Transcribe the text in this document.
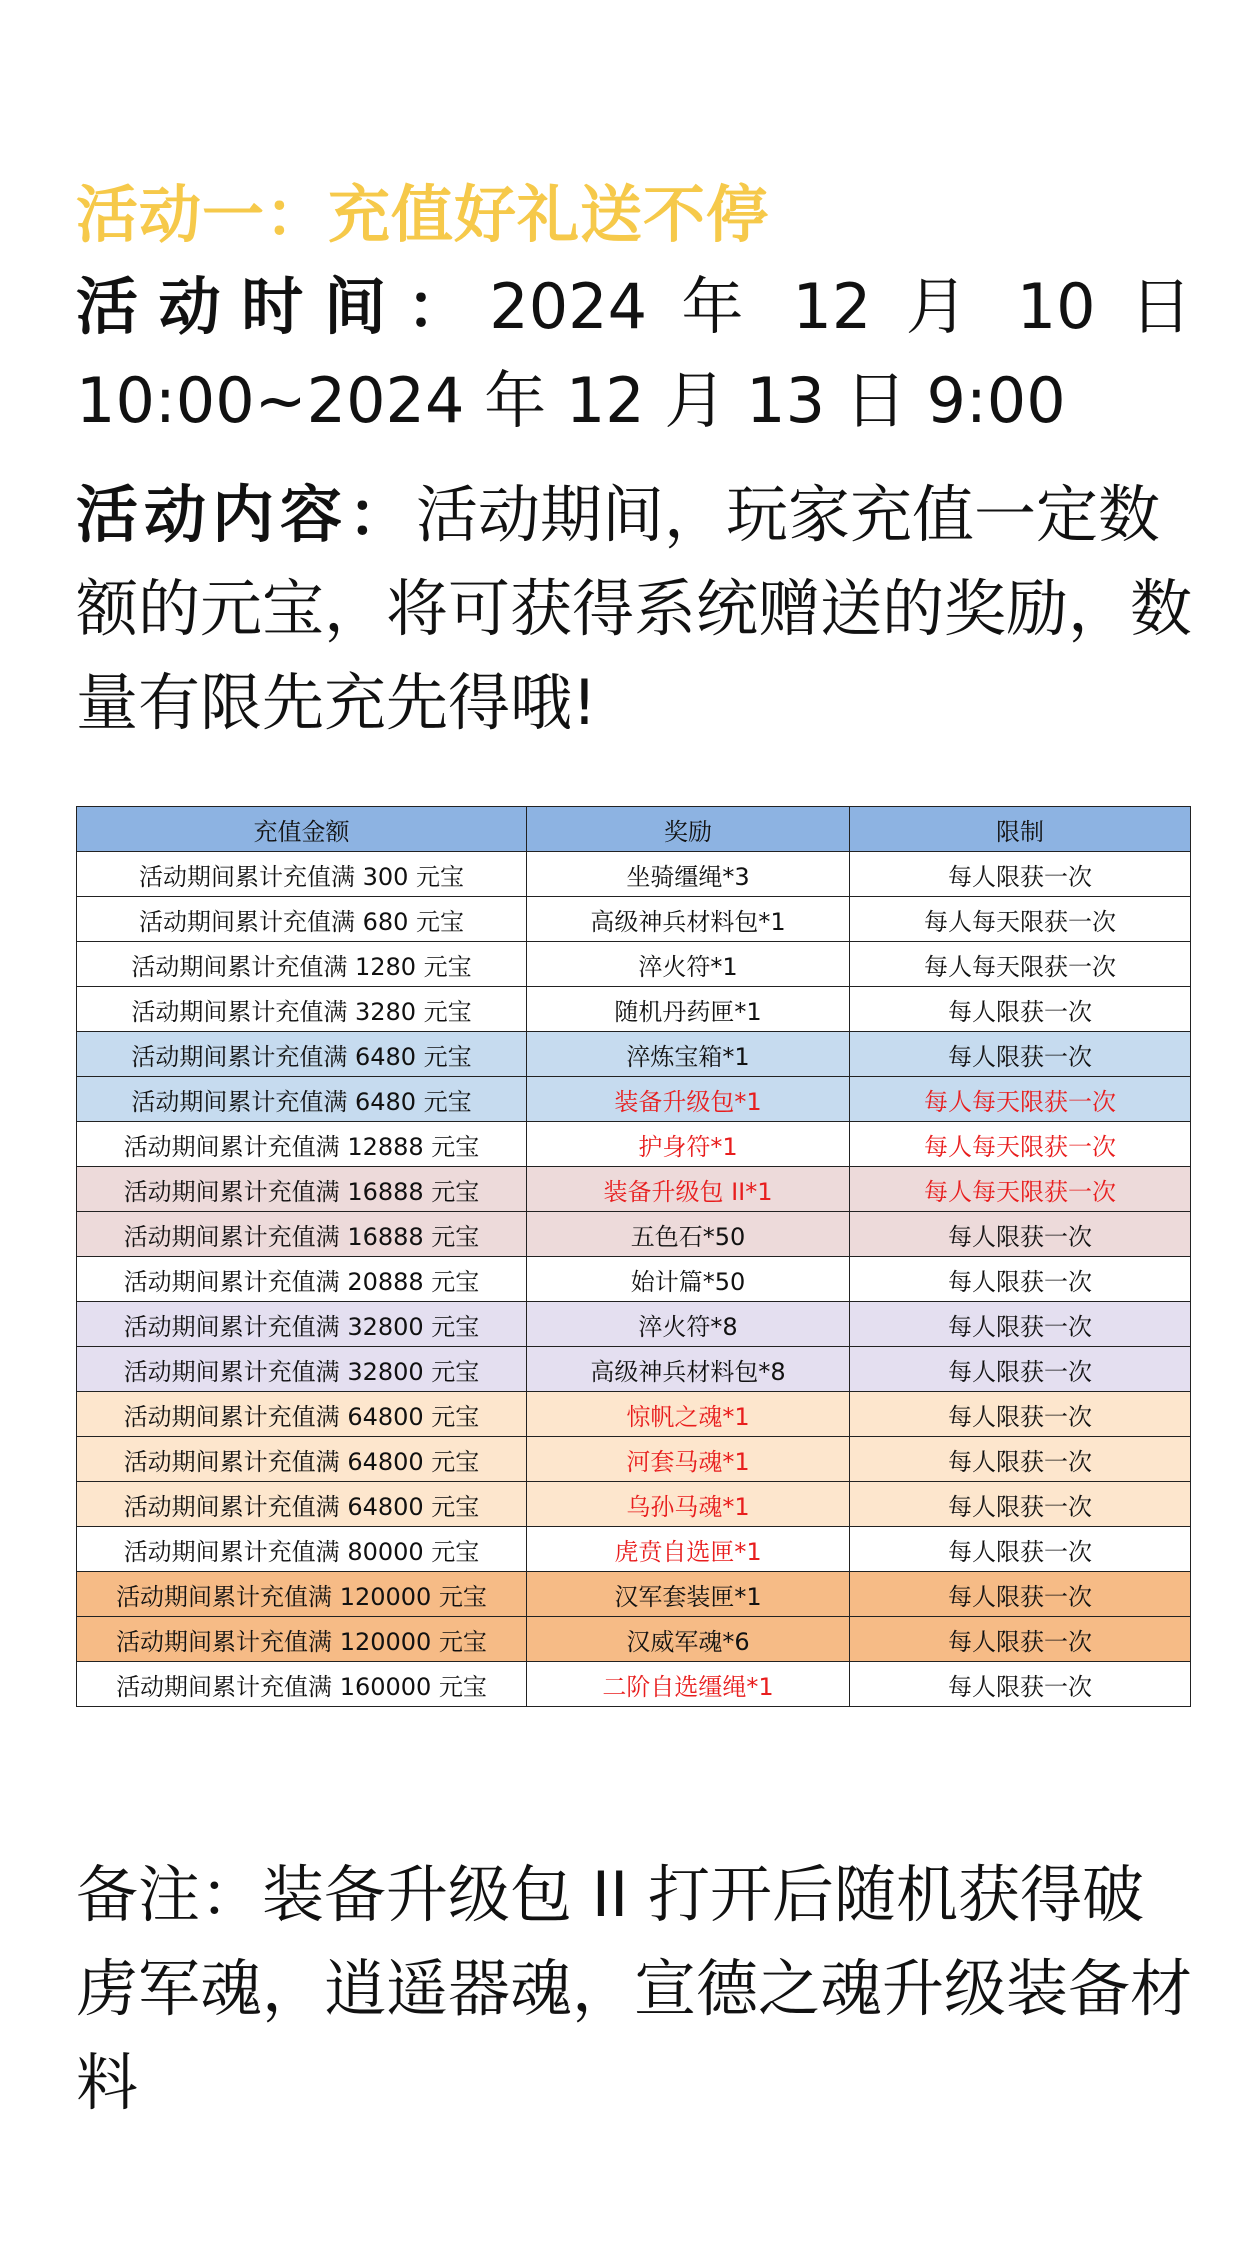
活动一：充值好礼送不停
活动时间：2024 年 12 月 10 日 10:00~2024 年 12 月 13 日 9:00
活动内容：活动期间，玩家充值一定数额的元宝，将可获得系统赠送的奖励，数量有限先充先得哦!
充值金额	奖励	限制
活动期间累计充值满 300 元宝	坐骑缰绳*3	每人限获一次
活动期间累计充值满 680 元宝	高级神兵材料包*1	每人每天限获一次
活动期间累计充值满 1280 元宝	淬火符*1	每人每天限获一次
活动期间累计充值满 3280 元宝	随机丹药匣*1	每人限获一次
活动期间累计充值满 6480 元宝	淬炼宝箱*1	每人限获一次
活动期间累计充值满 6480 元宝	装备升级包*1	每人每天限获一次
活动期间累计充值满 12888 元宝	护身符*1	每人每天限获一次
活动期间累计充值满 16888 元宝	装备升级包 II*1	每人每天限获一次
活动期间累计充值满 16888 元宝	五色石*50	每人限获一次
活动期间累计充值满 20888 元宝	始计篇*50	每人限获一次
活动期间累计充值满 32800 元宝	淬火符*8	每人限获一次
活动期间累计充值满 32800 元宝	高级神兵材料包*8	每人限获一次
活动期间累计充值满 64800 元宝	惊帆之魂*1	每人限获一次
活动期间累计充值满 64800 元宝	河套马魂*1	每人限获一次
活动期间累计充值满 64800 元宝	乌孙马魂*1	每人限获一次
活动期间累计充值满 80000 元宝	虎贲自选匣*1	每人限获一次
活动期间累计充值满 120000 元宝	汉军套装匣*1	每人限获一次
活动期间累计充值满 120000 元宝	汉威军魂*6	每人限获一次
活动期间累计充值满 160000 元宝	二阶自选缰绳*1	每人限获一次
备注：装备升级包 II 打开后随机获得破虏军魂，逍遥器魂，宣德之魂升级装备材料
